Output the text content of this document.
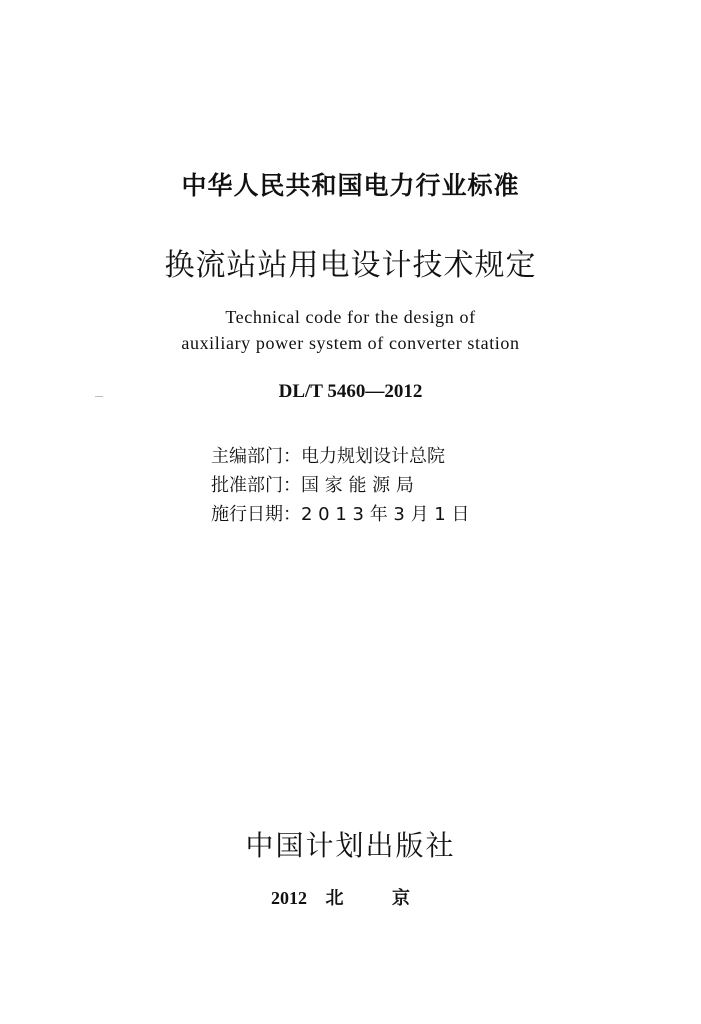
中华人民共和国电力行业标准
换流站站用电设计技术规定
Technical code for the design of
auxiliary power system of converter station
DL/T 5460—2012
主编部门：电力规划设计总院
批准部门：国 家 能 源 局
施行日期：2 0 1 3 年 3 月 1 日
中国计划出版社
2012 北	京
